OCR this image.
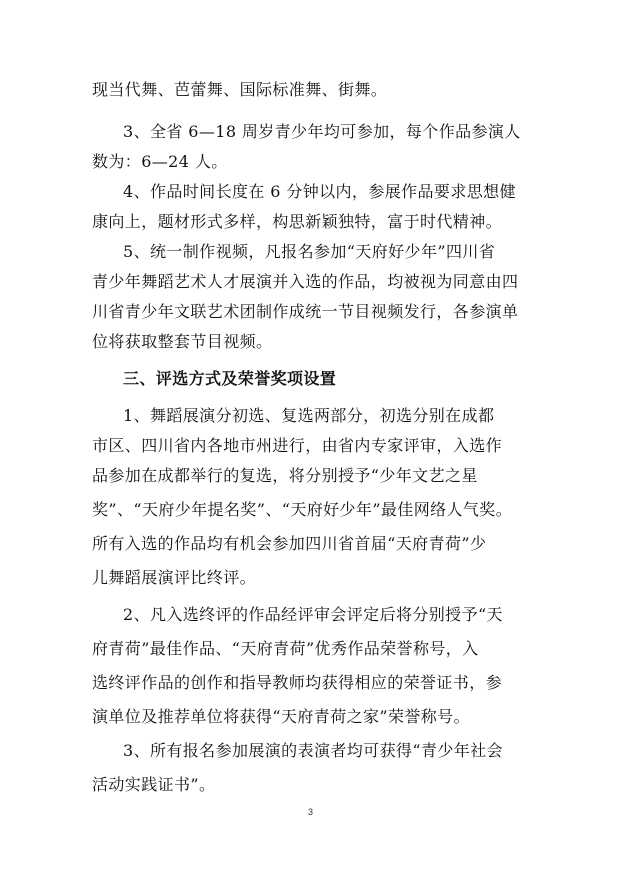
现当代舞、芭蕾舞、国际标准舞、街舞。
3、全省 6—18 周岁青少年均可参加，每个作品参演人
数为：6—24 人。
4、作品时间长度在 6 分钟以内，参展作品要求思想健
康向上，题材形式多样，构思新颖独特，富于时代精神。
5、统一制作视频，凡报名参加“天府好少年”四川省
青少年舞蹈艺术人才展演并入选的作品，均被视为同意由四
川省青少年文联艺术团制作成统一节目视频发行，各参演单
位将获取整套节目视频。
三、评选方式及荣誉奖项设置
1、舞蹈展演分初选、复选两部分，初选分别在成都
市区、四川省内各地市州进行，由省内专家评审，入选作
品参加在成都举行的复选，将分别授予“少年文艺之星
奖”、“天府少年提名奖”、“天府好少年”最佳网络人气奖。
所有入选的作品均有机会参加四川省首届“天府青荷”少
儿舞蹈展演评比终评。
2、凡入选终评的作品经评审会评定后将分别授予“天
府青荷”最佳作品、“天府青荷”优秀作品荣誉称号，入
选终评作品的创作和指导教师均获得相应的荣誉证书，参
演单位及推荐单位将获得“天府青荷之家”荣誉称号。
3、所有报名参加展演的表演者均可获得“青少年社会
活动实践证书”。
3
